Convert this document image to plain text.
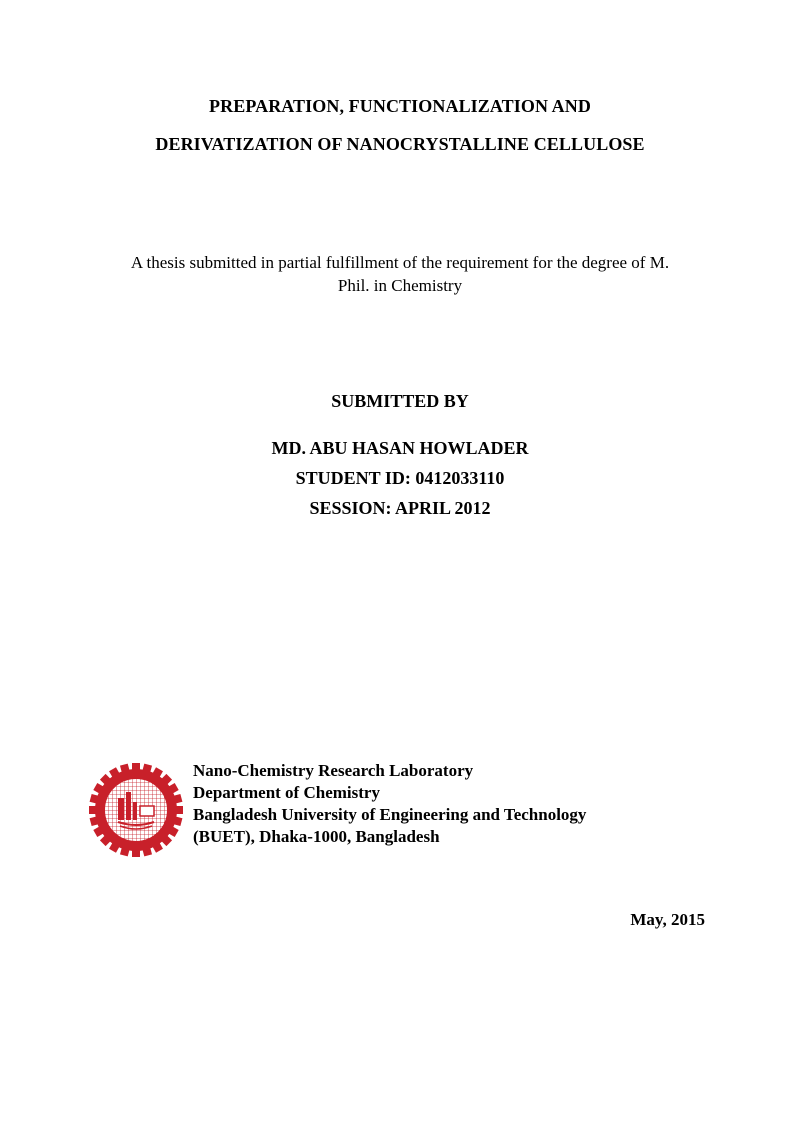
PREPARATION, FUNCTIONALIZATION AND
DERIVATIZATION OF NANOCRYSTALLINE CELLULOSE
A thesis submitted in partial fulfillment of the requirement for the degree of M.
Phil. in Chemistry
SUBMITTED BY
MD. ABU HASAN HOWLADER
STUDENT ID: 0412033110
SESSION: APRIL 2012
Nano-Chemistry Research Laboratory
Department of Chemistry
Bangladesh University of Engineering and Technology
(BUET), Dhaka-1000, Bangladesh
May, 2015
